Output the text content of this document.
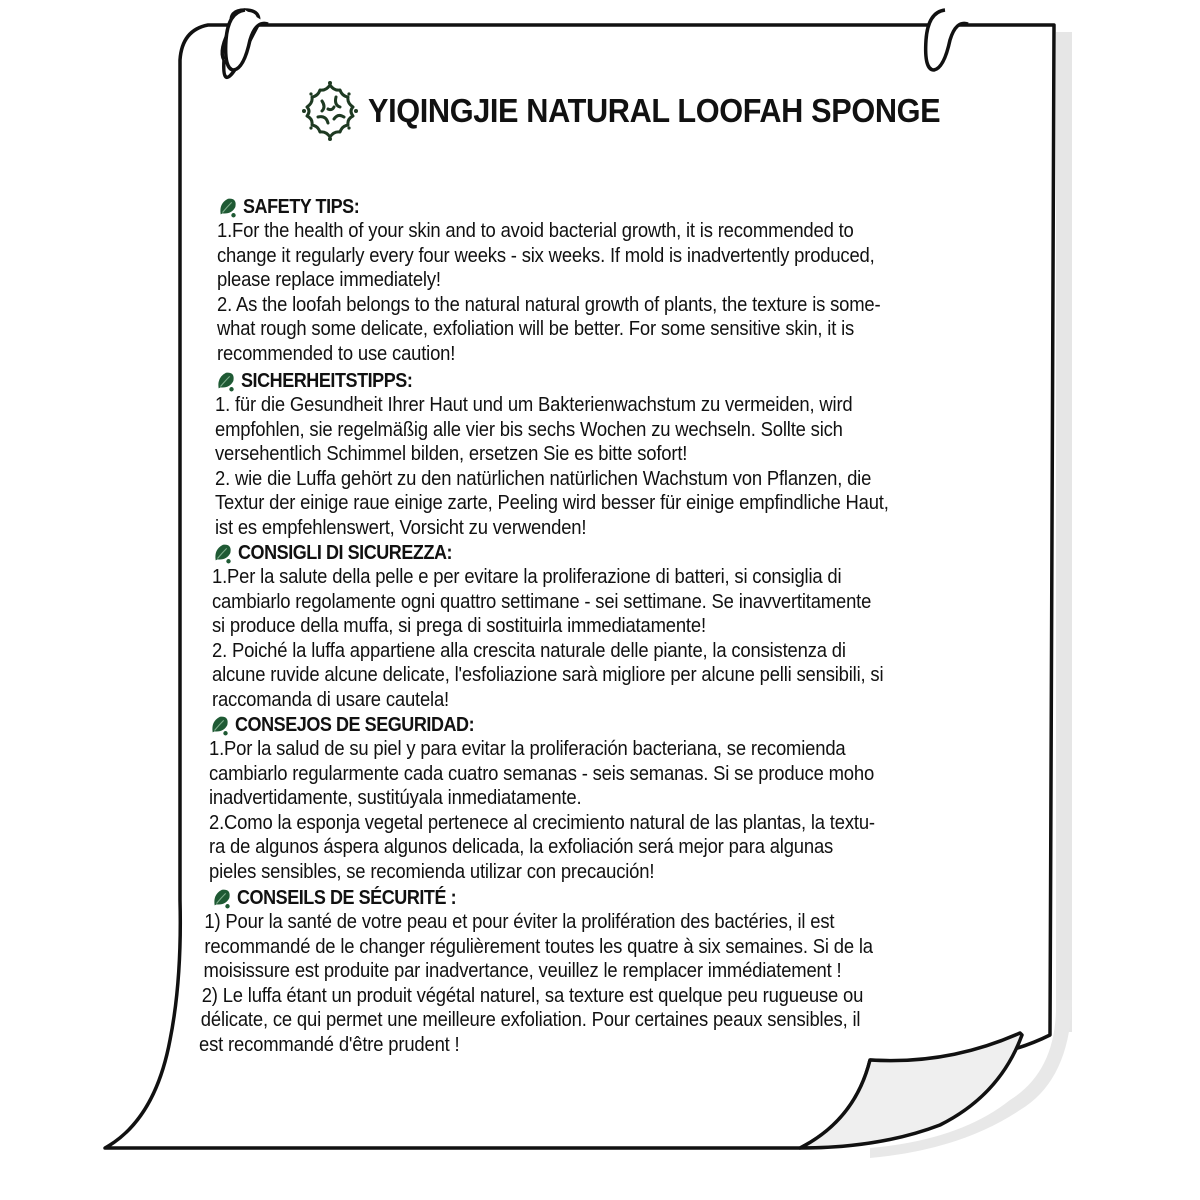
YIQINGJIE NATURAL LOOFAH SPONGE
SAFETY TIPS:
1.For the health of your skin and to avoid bacterial growth, it is recommended to
change it regularly every four weeks - six weeks. If mold is inadvertently produced,
please replace immediately!
2. As the loofah belongs to the natural natural growth of plants, the texture is some-
what rough some delicate, exfoliation will be better. For some sensitive skin, it is
recommended to use caution!
SICHERHEITSTIPPS:
1. für die Gesundheit Ihrer Haut und um Bakterienwachstum zu vermeiden, wird
empfohlen, sie regelmäßig alle vier bis sechs Wochen zu wechseln. Sollte sich
versehentlich Schimmel bilden, ersetzen Sie es bitte sofort!
2. wie die Luffa gehört zu den natürlichen natürlichen Wachstum von Pflanzen, die
Textur der einige raue einige zarte, Peeling wird besser für einige empfindliche Haut,
ist es empfehlenswert, Vorsicht zu verwenden!
CONSIGLI DI SICUREZZA:
1.Per la salute della pelle e per evitare la proliferazione di batteri, si consiglia di
cambiarlo regolamente ogni quattro settimane - sei settimane. Se inavvertitamente
si produce della muffa, si prega di sostituirla immediatamente!
2. Poiché la luffa appartiene alla crescita naturale delle piante, la consistenza di
alcune ruvide alcune delicate, l'esfoliazione sarà migliore per alcune pelli sensibili, si
raccomanda di usare cautela!
CONSEJOS DE SEGURIDAD:
1.Por la salud de su piel y para evitar la proliferación bacteriana, se recomienda
cambiarlo regularmente cada cuatro semanas - seis semanas. Si se produce moho
inadvertidamente, sustitúyala inmediatamente.
2.Como la esponja vegetal pertenece al crecimiento natural de las plantas, la textu-
ra de algunos áspera algunos delicada, la exfoliación será mejor para algunas
pieles sensibles, se recomienda utilizar con precaución!
CONSEILS DE SÉCURITÉ :
1) Pour la santé de votre peau et pour éviter la prolifération des bactéries, il est
recommandé de le changer régulièrement toutes les quatre à six semaines. Si de la
moisissure est produite par inadvertance, veuillez le remplacer immédiatement !
2) Le luffa étant un produit végétal naturel, sa texture est quelque peu rugueuse ou
délicate, ce qui permet une meilleure exfoliation. Pour certaines peaux sensibles, il
est recommandé d'être prudent !
